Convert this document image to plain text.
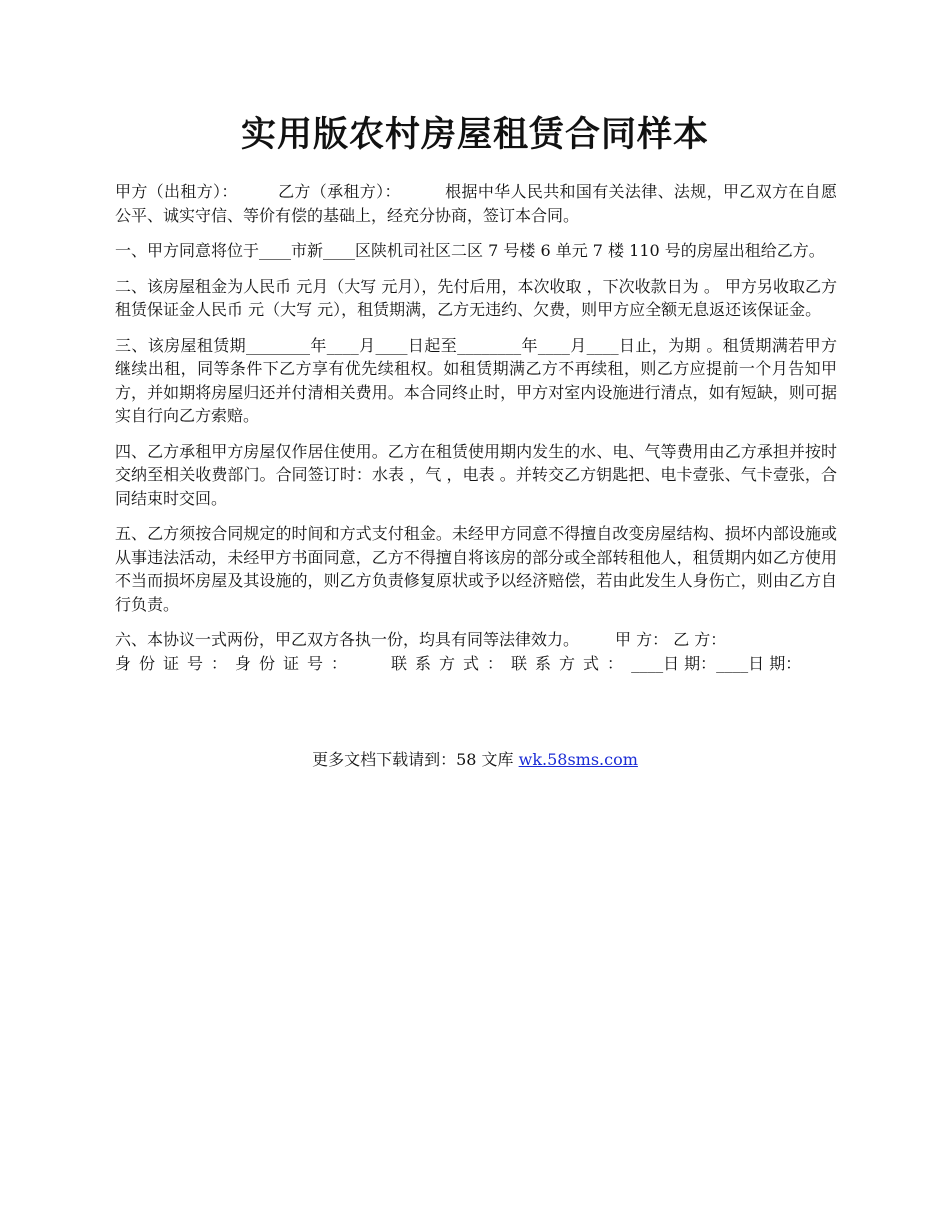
实用版农村房屋租赁合同样本

甲方（出租方）：	乙方（承租方）：	根据中华人民共和国有关法律、法规，甲乙双方在自愿公平、诚实守信、等价有偿的基础上，经充分协商，签订本合同。

一、甲方同意将位于____市新____区陕机司社区二区 7 号楼 6 单元 7 楼 110 号的房屋出租给乙方。

二、该房屋租金为人民币 元月（大写 元月），先付后用，本次收取 ，下次收款日为 。 甲方另收取乙方租赁保证金人民币 元（大写 元），租赁期满，乙方无违约、欠费，则甲方应全额无息返还该保证金。

三、该房屋租赁期________年____月____日起至________年____月____日止，为期 。租赁期满若甲方继续出租，同等条件下乙方享有优先续租权。如租赁期满乙方不再续租，则乙方应提前一个月告知甲方，并如期将房屋归还并付清相关费用。本合同终止时，甲方对室内设施进行清点，如有短缺，则可据实自行向乙方索赔。

四、乙方承租甲方房屋仅作居住使用。乙方在租赁使用期内发生的水、电、气等费用由乙方承担并按时交纳至相关收费部门。合同签订时：水表 ，气 ，电表 。并转交乙方钥匙把、电卡壹张、气卡壹张，合同结束时交回。

五、乙方须按合同规定的时间和方式支付租金。未经甲方同意不得擅自改变房屋结构、损坏内部设施或从事违法活动，未经甲方书面同意，乙方不得擅自将该房的部分或全部转租他人，租赁期内如乙方使用不当而损坏房屋及其设施的，则乙方负责修复原状或予以经济赔偿，若由此发生人身伤亡，则由乙方自行负责。

六、本协议一式两份，甲乙双方各执一份，均具有同等法律效力。 甲 方： 乙 方：
身份证号：身份证号： 联系方式：联系方式：____日 期：____日 期：

更多文档下载请到：58 文库 wk.58sms.com
